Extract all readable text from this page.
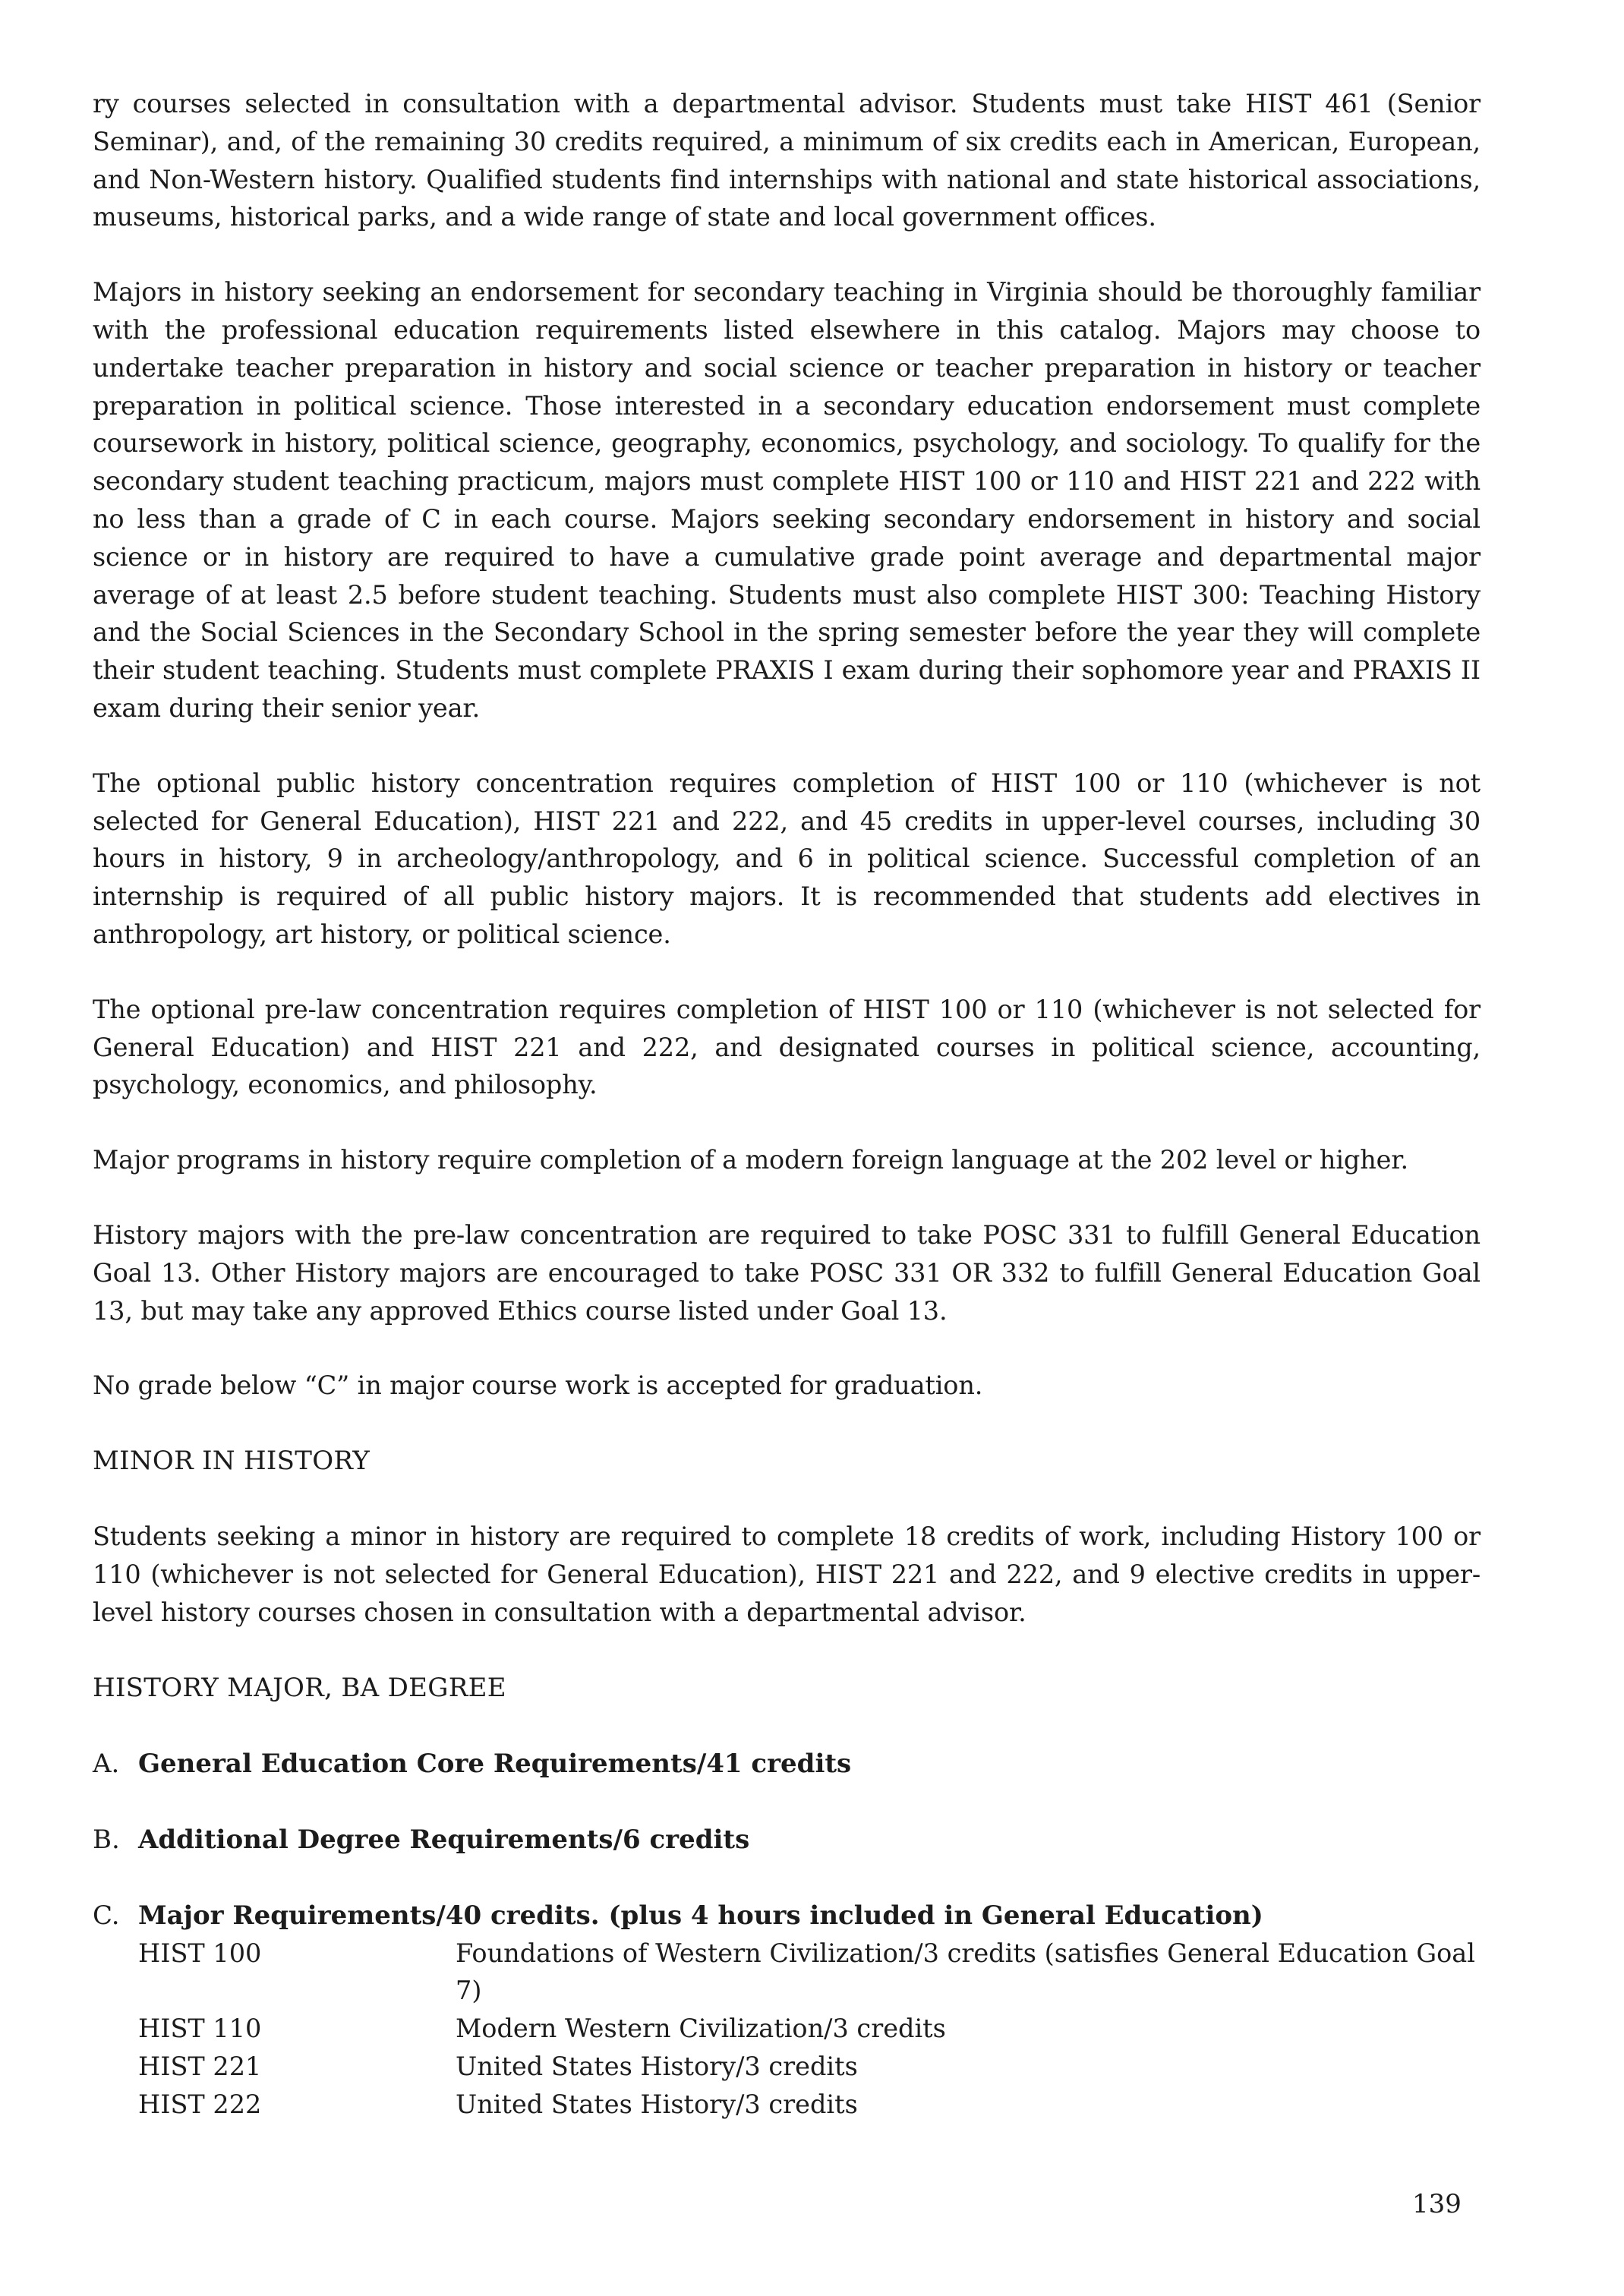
ry courses selected in consultation with a departmental advisor. Students must take HIST 461 (Senior Seminar), and, of the remaining 30 credits required, a minimum of six credits each in American, European, and Non-Western history. Qualified students find internships with national and state historical associations, museums, historical parks, and a wide range of state and local government offices.

Majors in history seeking an endorsement for secondary teaching in Virginia should be thoroughly familiar with the professional education requirements listed elsewhere in this catalog. Majors may choose to undertake teacher preparation in history and social science or teacher preparation in history or teacher preparation in political science. Those interested in a secondary education endorsement must complete coursework in history, political science, geography, economics, psychology, and sociology. To qualify for the secondary student teaching practicum, majors must complete HIST 100 or 110 and HIST 221 and 222 with no less than a grade of C in each course. Majors seeking secondary endorsement in history and social science or in history are required to have a cumulative grade point average and departmental major average of at least 2.5 before student teaching. Students must also complete HIST 300: Teaching History and the Social Sciences in the Secondary School in the spring semester before the year they will complete their student teaching. Students must complete PRAXIS I exam during their sophomore year and PRAXIS II exam during their senior year.

The optional public history concentration requires completion of HIST 100 or 110 (whichever is not selected for General Education), HIST 221 and 222, and 45 credits in upper-level courses, including 30 hours in history, 9 in archeology/anthropology, and 6 in political science. Successful completion of an internship is required of all public history majors. It is recommended that students add electives in anthropology, art history, or political science.

The optional pre-law concentration requires completion of HIST 100 or 110 (whichever is not selected for General Education) and HIST 221 and 222, and designated courses in political science, accounting, psychology, economics, and philosophy.

Major programs in history require completion of a modern foreign language at the 202 level or higher.

History majors with the pre-law concentration are required to take POSC 331 to fulfill General Education Goal 13. Other History majors are encouraged to take POSC 331 OR 332 to fulfill General Education Goal 13, but may take any approved Ethics course listed under Goal 13.

No grade below “C” in major course work is accepted for graduation.

MINOR IN HISTORY

Students seeking a minor in history are required to complete 18 credits of work, including History 100 or 110 (whichever is not selected for General Education), HIST 221 and 222, and 9 elective credits in upper-level history courses chosen in consultation with a departmental advisor.

HISTORY MAJOR, BA DEGREE
A. General Education Core Requirements/41 credits
B. Additional Degree Requirements/6 credits
C. Major Requirements/40 credits. (plus 4 hours included in General Education)
HIST 100	Foundations of Western Civilization/3 credits (satisfies General Education Goal 7)
HIST 110	Modern Western Civilization/3 credits
HIST 221	United States History/3 credits
HIST 222	United States History/3 credits
139
